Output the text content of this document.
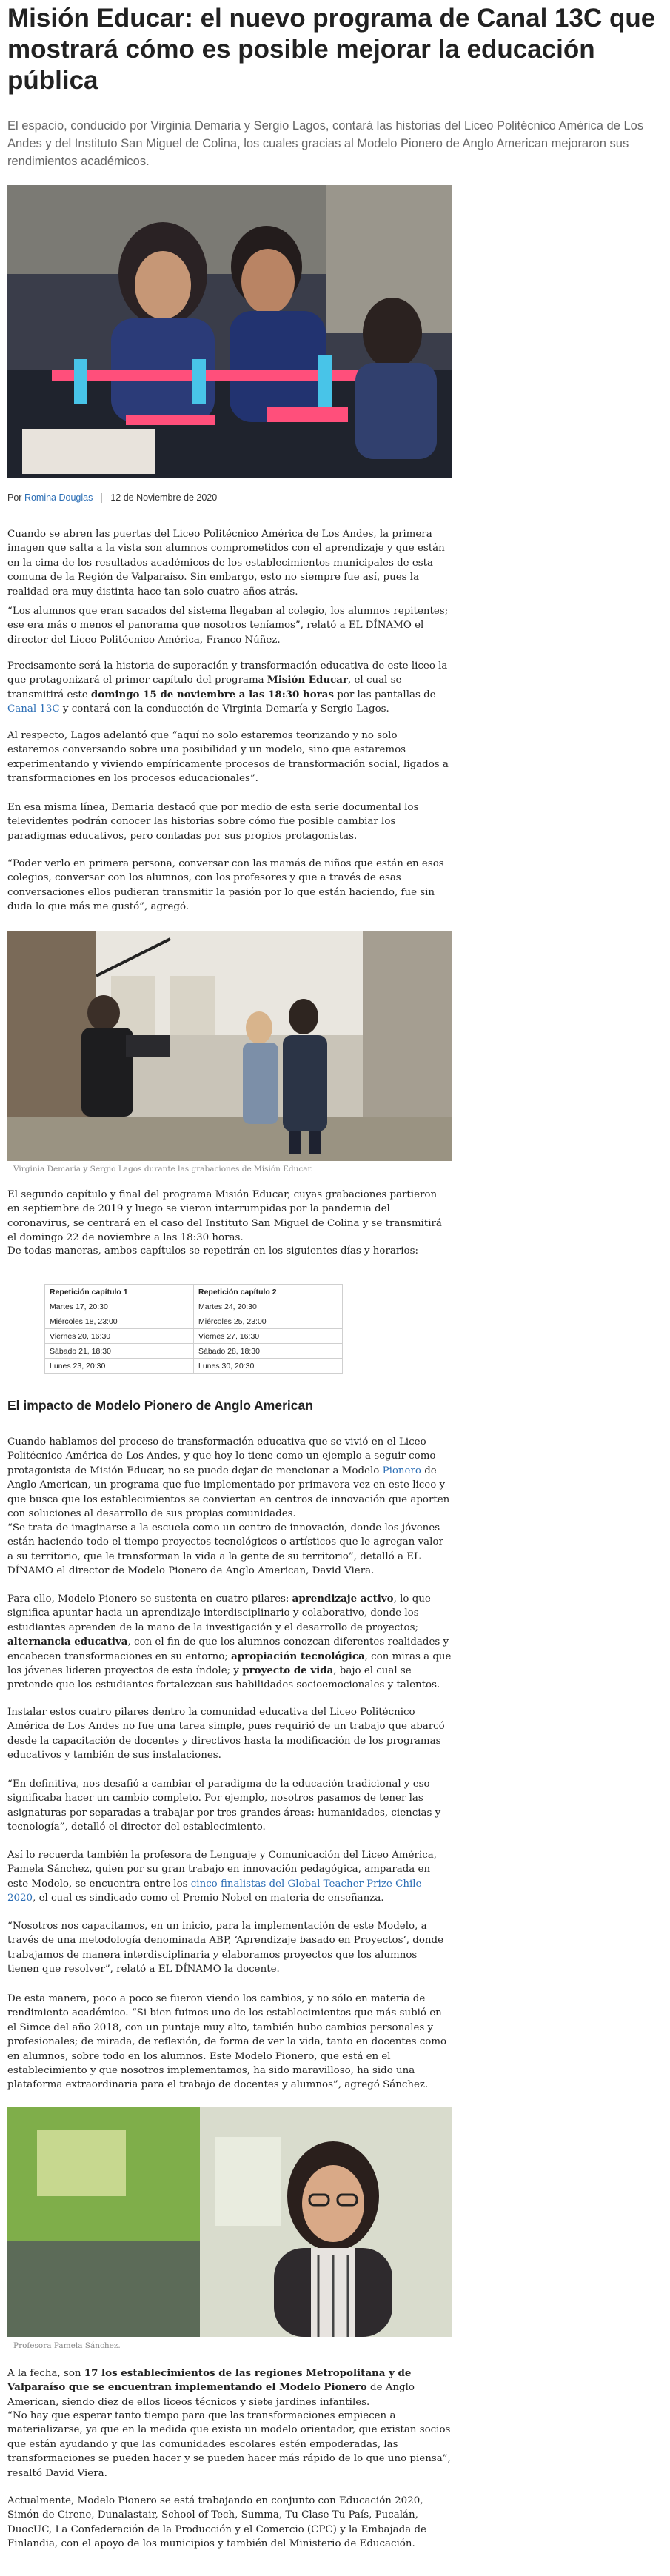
Misión Educar: el nuevo programa de Canal 13C que mostrará cómo es posible mejorar la educación pública

El espacio, conducido por Virginia Demaria y Sergio Lagos, contará las historias del Liceo Politécnico América de Los Andes y del Instituto San Miguel de Colina, los cuales gracias al Modelo Pionero de Anglo American mejoraron sus rendimientos académicos.

Por Romina Douglas 12 de Noviembre de 2020

Cuando se abren las puertas del Liceo Politécnico América de Los Andes, la primera imagen que salta a la vista son alumnos comprometidos con el aprendizaje y que están en la cima de los resultados académicos de los establecimientos municipales de esta comuna de la Región de Valparaíso. Sin embargo, esto no siempre fue así, pues la realidad era muy distinta hace tan solo cuatro años atrás.

“Los alumnos que eran sacados del sistema llegaban al colegio, los alumnos repitentes; ese era más o menos el panorama que nosotros teníamos”, relató a EL DÍNAMO el director del Liceo Politécnico América, Franco Núñez.

Precisamente será la historia de superación y transformación educativa de este liceo la que protagonizará el primer capítulo del programa Misión Educar, el cual se transmitirá este domingo 15 de noviembre a las 18:30 horas por las pantallas de Canal 13C y contará con la conducción de Virginia Demaría y Sergio Lagos.

Al respecto, Lagos adelantó que “aquí no solo estaremos teorizando y no solo estaremos conversando sobre una posibilidad y un modelo, sino que estaremos experimentando y viviendo empíricamente procesos de transformación social, ligados a transformaciones en los procesos educacionales”.

En esa misma línea, Demaria destacó que por medio de esta serie documental los televidentes podrán conocer las historias sobre cómo fue posible cambiar los paradigmas educativos, pero contadas por sus propios protagonistas.

“Poder verlo en primera persona, conversar con las mamás de niños que están en esos colegios, conversar con los alumnos, con los profesores y que a través de esas conversaciones ellos pudieran transmitir la pasión por lo que están haciendo, fue sin duda lo que más me gustó”, agregó.

Virginia Demaria y Sergio Lagos durante las grabaciones de Misión Educar.

El segundo capítulo y final del programa Misión Educar, cuyas grabaciones partieron en septiembre de 2019 y luego se vieron interrumpidas por la pandemia del coronavirus, se centrará en el caso del Instituto San Miguel de Colina y se transmitirá el domingo 22 de noviembre a las 18:30 horas.

De todas maneras, ambos capítulos se repetirán en los siguientes días y horarios:

Repetición capítulo 1	Repetición capítulo 2
Martes 17, 20:30	Martes 24, 20:30
Miércoles 18, 23:00	Miércoles 25, 23:00
Viernes 20, 16:30	Viernes 27, 16:30
Sábado 21, 18:30	Sábado 28, 18:30
Lunes 23, 20:30	Lunes 30, 20:30
El impacto de Modelo Pionero de Anglo American

Cuando hablamos del proceso de transformación educativa que se vivió en el Liceo Politécnico América de Los Andes, y que hoy lo tiene como un ejemplo a seguir como protagonista de Misión Educar, no se puede dejar de mencionar a Modelo Pionero de Anglo American, un programa que fue implementado por primavera vez en este liceo y que busca que los establecimientos se conviertan en centros de innovación que aporten con soluciones al desarrollo de sus propias comunidades.

“Se trata de imaginarse a la escuela como un centro de innovación, donde los jóvenes están haciendo todo el tiempo proyectos tecnológicos o artísticos que le agregan valor a su territorio, que le transforman la vida a la gente de su territorio”, detalló a EL DÍNAMO el director de Modelo Pionero de Anglo American, David Viera.

Para ello, Modelo Pionero se sustenta en cuatro pilares: aprendizaje activo, lo que significa apuntar hacia un aprendizaje interdisciplinario y colaborativo, donde los estudiantes aprenden de la mano de la investigación y el desarrollo de proyectos; alternancia educativa, con el fin de que los alumnos conozcan diferentes realidades y encabecen transformaciones en su entorno; apropiación tecnológica, con miras a que los jóvenes lideren proyectos de esta índole; y proyecto de vida, bajo el cual se pretende que los estudiantes fortalezcan sus habilidades socioemocionales y talentos.

Instalar estos cuatro pilares dentro la comunidad educativa del Liceo Politécnico América de Los Andes no fue una tarea simple, pues requirió de un trabajo que abarcó desde la capacitación de docentes y directivos hasta la modificación de los programas educativos y también de sus instalaciones.

“En definitiva, nos desafió a cambiar el paradigma de la educación tradicional y eso significaba hacer un cambio completo. Por ejemplo, nosotros pasamos de tener las asignaturas por separadas a trabajar por tres grandes áreas: humanidades, ciencias y tecnología”, detalló el director del establecimiento.

Así lo recuerda también la profesora de Lenguaje y Comunicación del Liceo América, Pamela Sánchez, quien por su gran trabajo en innovación pedagógica, amparada en este Modelo, se encuentra entre los cinco finalistas del Global Teacher Prize Chile 2020, el cual es sindicado como el Premio Nobel en materia de enseñanza.

“Nosotros nos capacitamos, en un inicio, para la implementación de este Modelo, a través de una metodología denominada ABP, ‘Aprendizaje basado en Proyectos’, donde trabajamos de manera interdisciplinaria y elaboramos proyectos que los alumnos tienen que resolver”, relató a EL DÍNAMO la docente.

De esta manera, poco a poco se fueron viendo los cambios, y no sólo en materia de rendimiento académico. “Si bien fuimos uno de los establecimientos que más subió en el Simce del año 2018, con un puntaje muy alto, también hubo cambios personales y profesionales; de mirada, de reflexión, de forma de ver la vida, tanto en docentes como en alumnos, sobre todo en los alumnos. Este Modelo Pionero, que está en el establecimiento y que nosotros implementamos, ha sido maravilloso, ha sido una plataforma extraordinaria para el trabajo de docentes y alumnos”, agregó Sánchez.

Profesora Pamela Sánchez.

A la fecha, son 17 los establecimientos de las regiones Metropolitana y de Valparaíso que se encuentran implementando el Modelo Pionero de Anglo American, siendo diez de ellos liceos técnicos y siete jardines infantiles.

“No hay que esperar tanto tiempo para que las transformaciones empiecen a materializarse, ya que en la medida que exista un modelo orientador, que existan socios que están ayudando y que las comunidades escolares estén empoderadas, las transformaciones se pueden hacer y se pueden hacer más rápido de lo que uno piensa”, resaltó David Viera.

Actualmente, Modelo Pionero se está trabajando en conjunto con Educación 2020, Simón de Cirene, Dunalastair, School of Tech, Summa, Tu Clase Tu País, Pucalán, DuocUC, La Confederación de la Producción y el Comercio (CPC) y la Embajada de Finlandia, con el apoyo de los municipios y también del Ministerio de Educación.
